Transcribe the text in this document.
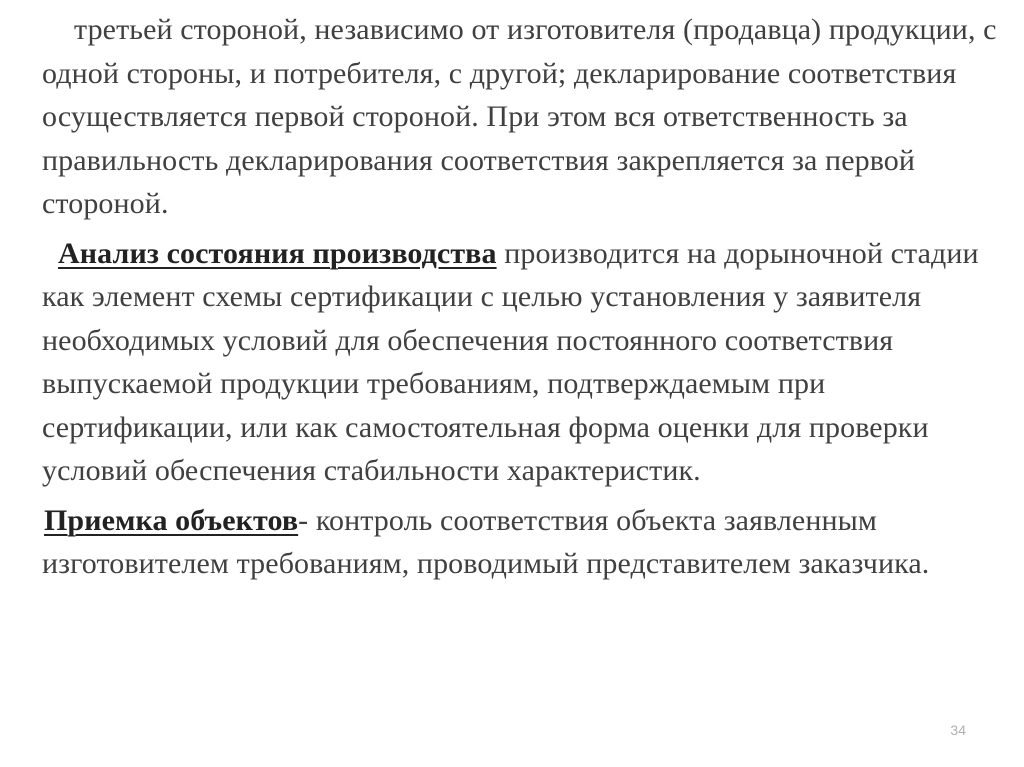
третьей стороной, независимо от изготовителя (продавца) продукции, с одной стороны, и потребителя, с другой; декларирование соответствия осуществляется первой стороной. При этом вся ответственность за правильность декларирования соответствия закрепляется за первой стороной.

Анализ состояния производства производится на дорыночной стадии как элемент схемы сертификации с целью установления у заявителя необходимых условий для обеспечения постоянного соответствия выпускаемой продукции требованиям, подтверждаемым при сертификации, или как самостоятельная форма оценки для проверки условий обеспечения стабильности характеристик.

Приемка объектов- контроль соответствия объекта заявленным изготовителем требованиям, проводимый представителем заказчика.

34
